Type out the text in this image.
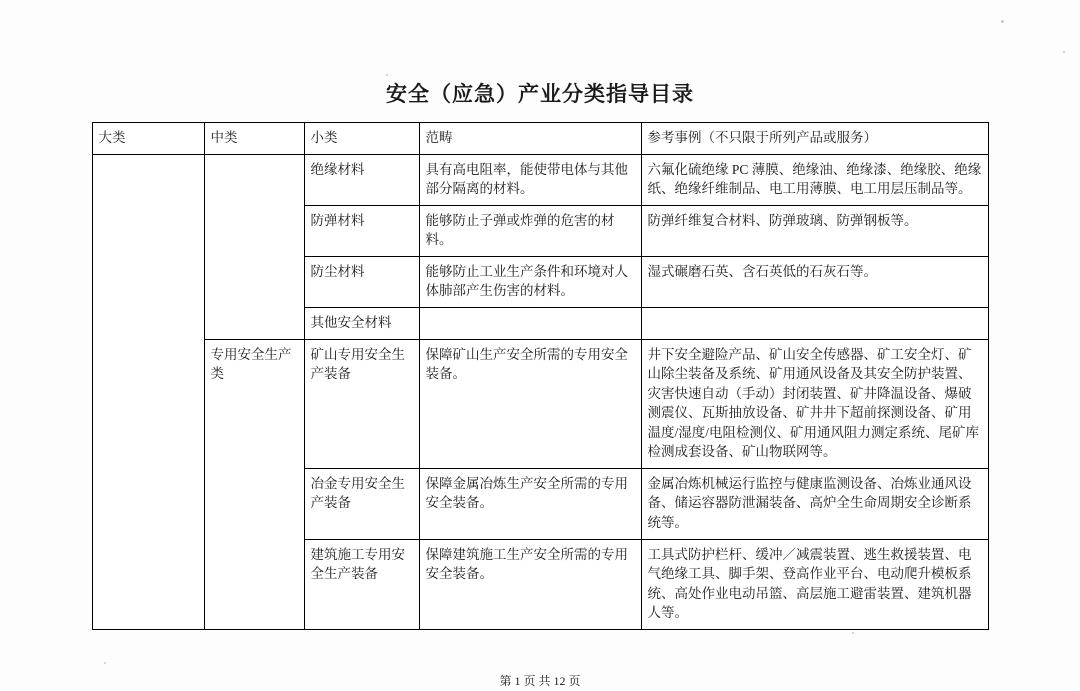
安全（应急）产业分类指导目录
大类	中类	小类	范畴	参考事例（不只限于所列产品或服务）
		绝缘材料	具有高电阻率，能使带电体与其他部分隔离的材料。	六氟化硫绝缘 PC 薄膜、绝缘油、绝缘漆、绝缘胶、绝缘纸、绝缘纤维制品、电工用薄膜、电工用层压制品等。
		防弹材料	能够防止子弹或炸弹的危害的材料。	防弹纤维复合材料、防弹玻璃、防弹钢板等。
		防尘材料	能够防止工业生产条件和环境对人体肺部产生伤害的材料。	湿式碾磨石英、含石英低的石灰石等。
		其他安全材料		
	专用安全生产类	矿山专用安全生产装备	保障矿山生产安全所需的专用安全装备。	井下安全避险产品、矿山安全传感器、矿工安全灯、矿山除尘装备及系统、矿用通风设备及其安全防护装置、灾害快速自动（手动）封闭装置、矿井降温设备、爆破测震仪、瓦斯抽放设备、矿井井下超前探测设备、矿用温度/湿度/电阻检测仪、矿用通风阻力测定系统、尾矿库检测成套设备、矿山物联网等。
		冶金专用安全生产装备	保障金属冶炼生产安全所需的专用安全装备。	金属冶炼机械运行监控与健康监测设备、冶炼业通风设备、储运容器防泄漏装备、高炉全生命周期安全诊断系统等。
		建筑施工专用安全生产装备	保障建筑施工生产安全所需的专用安全装备。	工具式防护栏杆、缓冲／减震装置、逃生救援装置、电气绝缘工具、脚手架、登高作业平台、电动爬升模板系统、高处作业电动吊篮、高层施工避雷装置、建筑机器人等。
第 1 页 共 12 页
